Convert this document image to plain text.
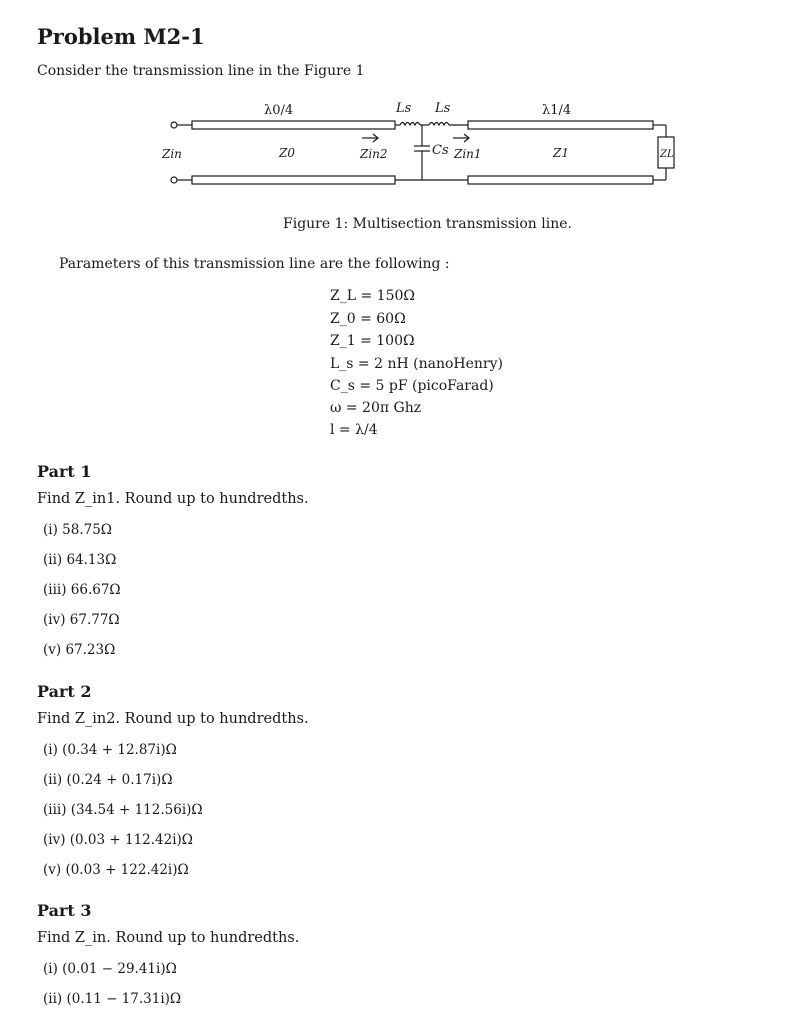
Problem M2-1
Consider the transmission line in the Figure 1
λ0/4	λ1/4
Ls Ls
Cs
Zin	Z0	Zin2	Zin1	Z1	ZL
Figure 1: Multisection transmission line.
Parameters of this transmission line are the following :
Z_L = 150Ω
Z_0 = 60Ω
Z_1 = 100Ω
L_s = 2 nH (nanoHenry)
C_s = 5 pF (picoFarad)
ω = 20π Ghz
l = λ/4
Part 1
Find Z_in1. Round up to hundredths.
(i) 58.75Ω
(ii) 64.13Ω
(iii) 66.67Ω
(iv) 67.77Ω
(v) 67.23Ω
Part 2
Find Z_in2. Round up to hundredths.
(i) (0.34 + 12.87i)Ω
(ii) (0.24 + 0.17i)Ω
(iii) (34.54 + 112.56i)Ω
(iv) (0.03 + 112.42i)Ω
(v) (0.03 + 122.42i)Ω
Part 3
Find Z_in. Round up to hundredths.
(i) (0.01 − 29.41i)Ω
(ii) (0.11 − 17.31i)Ω
